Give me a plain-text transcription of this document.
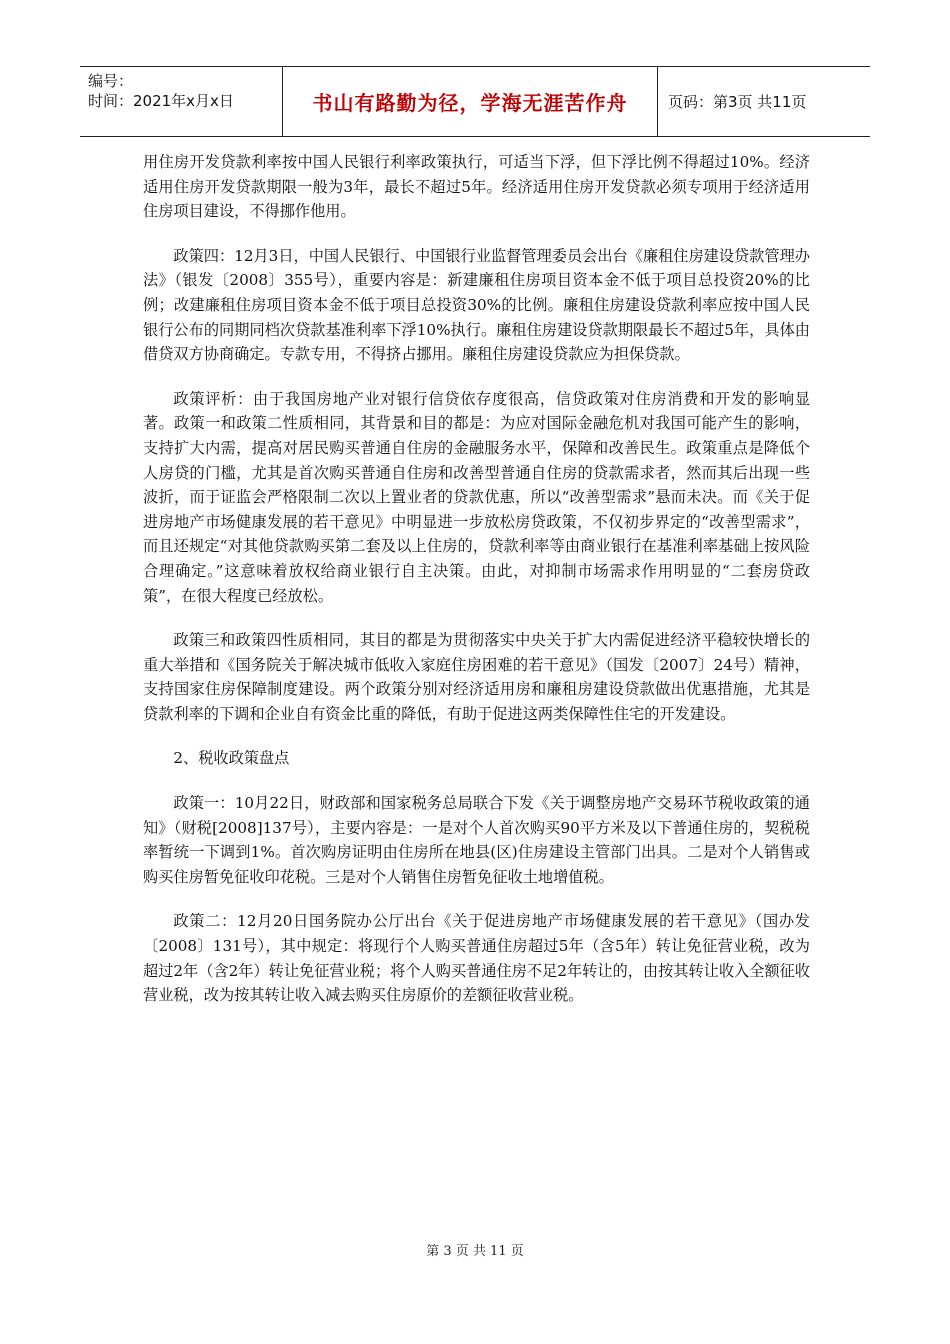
编号：
时间：2021年x月x日	书山有路勤为径，学海无涯苦作舟	页码：第3页 共11页

用住房开发贷款利率按中国人民银行利率政策执行，可适当下浮，但下浮比例不得超过10%。经济适用住房开发贷款期限一般为3年，最长不超过5年。经济适用住房开发贷款必须专项用于经济适用住房项目建设，不得挪作他用。

政策四：12月3日，中国人民银行、中国银行业监督管理委员会出台《廉租住房建设贷款管理办法》（银发〔2008〕355号），重要内容是：新建廉租住房项目资本金不低于项目总投资20%的比例；改建廉租住房项目资本金不低于项目总投资30%的比例。廉租住房建设贷款利率应按中国人民银行公布的同期同档次贷款基准利率下浮10%执行。廉租住房建设贷款期限最长不超过5年，具体由借贷双方协商确定。专款专用，不得挤占挪用。廉租住房建设贷款应为担保贷款。

政策评析：由于我国房地产业对银行信贷依存度很高，信贷政策对住房消费和开发的影响显著。政策一和政策二性质相同，其背景和目的都是：为应对国际金融危机对我国可能产生的影响，支持扩大内需，提高对居民购买普通自住房的金融服务水平，保障和改善民生。政策重点是降低个人房贷的门槛，尤其是首次购买普通自住房和改善型普通自住房的贷款需求者，然而其后出现一些波折，而于证监会严格限制二次以上置业者的贷款优惠，所以“改善型需求”悬而未决。而《关于促进房地产市场健康发展的若干意见》中明显进一步放松房贷政策，不仅初步界定的“改善型需求”，而且还规定“对其他贷款购买第二套及以上住房的，贷款利率等由商业银行在基准利率基础上按风险合理确定。”这意味着放权给商业银行自主决策。由此，对抑制市场需求作用明显的“二套房贷政策”，在很大程度已经放松。

政策三和政策四性质相同，其目的都是为贯彻落实中央关于扩大内需促进经济平稳较快增长的重大举措和《国务院关于解决城市低收入家庭住房困难的若干意见》（国发〔2007〕24号）精神，支持国家住房保障制度建设。两个政策分别对经济适用房和廉租房建设贷款做出优惠措施，尤其是贷款利率的下调和企业自有资金比重的降低，有助于促进这两类保障性住宅的开发建设。

2、税收政策盘点

政策一：10月22日，财政部和国家税务总局联合下发《关于调整房地产交易环节税收政策的通知》（财税[2008]137号），主要内容是：一是对个人首次购买90平方米及以下普通住房的，契税税率暂统一下调到1%。首次购房证明由住房所在地县(区)住房建设主管部门出具。二是对个人销售或购买住房暂免征收印花税。三是对个人销售住房暂免征收土地增值税。

政策二：12月20日国务院办公厅出台《关于促进房地产市场健康发展的若干意见》（国办发〔2008〕131号），其中规定：将现行个人购买普通住房超过5年（含5年）转让免征营业税，改为超过2年（含2年）转让免征营业税；将个人购买普通住房不足2年转让的，由按其转让收入全额征收营业税，改为按其转让收入减去购买住房原价的差额征收营业税。

第 3 页 共 11 页
